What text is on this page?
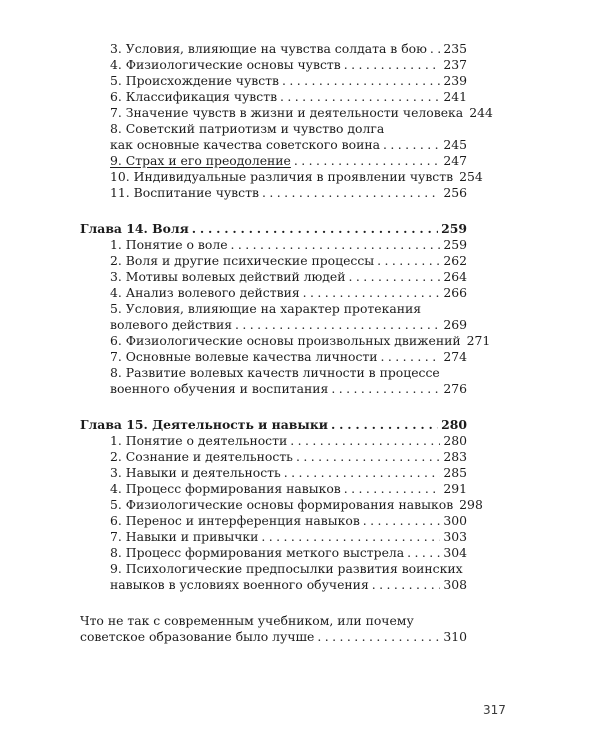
3. Условия, влияющие на чувства солдата в бою . . . 235
4. Физиологические основы чувств . . .	237
5. Происхождение чувств . . .	239
6. Классификация чувств . . .	241
7. Значение чувств в жизни и деятельности человека 244
8. Советский патриотизм и чувство долга
как основные качества советского воина . . .	245
9. Страх и его преодоление . . .	247
10. Индивидуальные различия в проявлении чувств 254
11. Воспитание чувств . . .	256
Глава 14. Воля . . .	259
1. Понятие о воле . . .	259
2. Воля и другие психические процессы . . .	262
3. Мотивы волевых действий людей . . .	264
4. Анализ волевого действия . . .	266
5. Условия, влияющие на характер протекания
волевого действия . . .	269
6. Физиологические основы произвольных движений 271
7. Основные волевые качества личности . . .	274
8. Развитие волевых качеств личности в процессе
военного обучения и воспитания . . .	276
Глава 15. Деятельность и навыки . . .	280
1. Понятие о деятельности . . .	280
2. Сознание и деятельность . . .	283
3. Навыки и деятельность . . .	285
4. Процесс формирования навыков . . .	291
5. Физиологические основы формирования навыков 298
6. Перенос и интерференция навыков . . .	300
7. Навыки и привычки . . .	303
8. Процесс формирования меткого выстрела . . .	304
9. Психологические предпосылки развития воинских
навыков в условиях военного обучения . . .	308
Что не так с современным учебником, или почему
советское образование было лучше . . .	310
317
